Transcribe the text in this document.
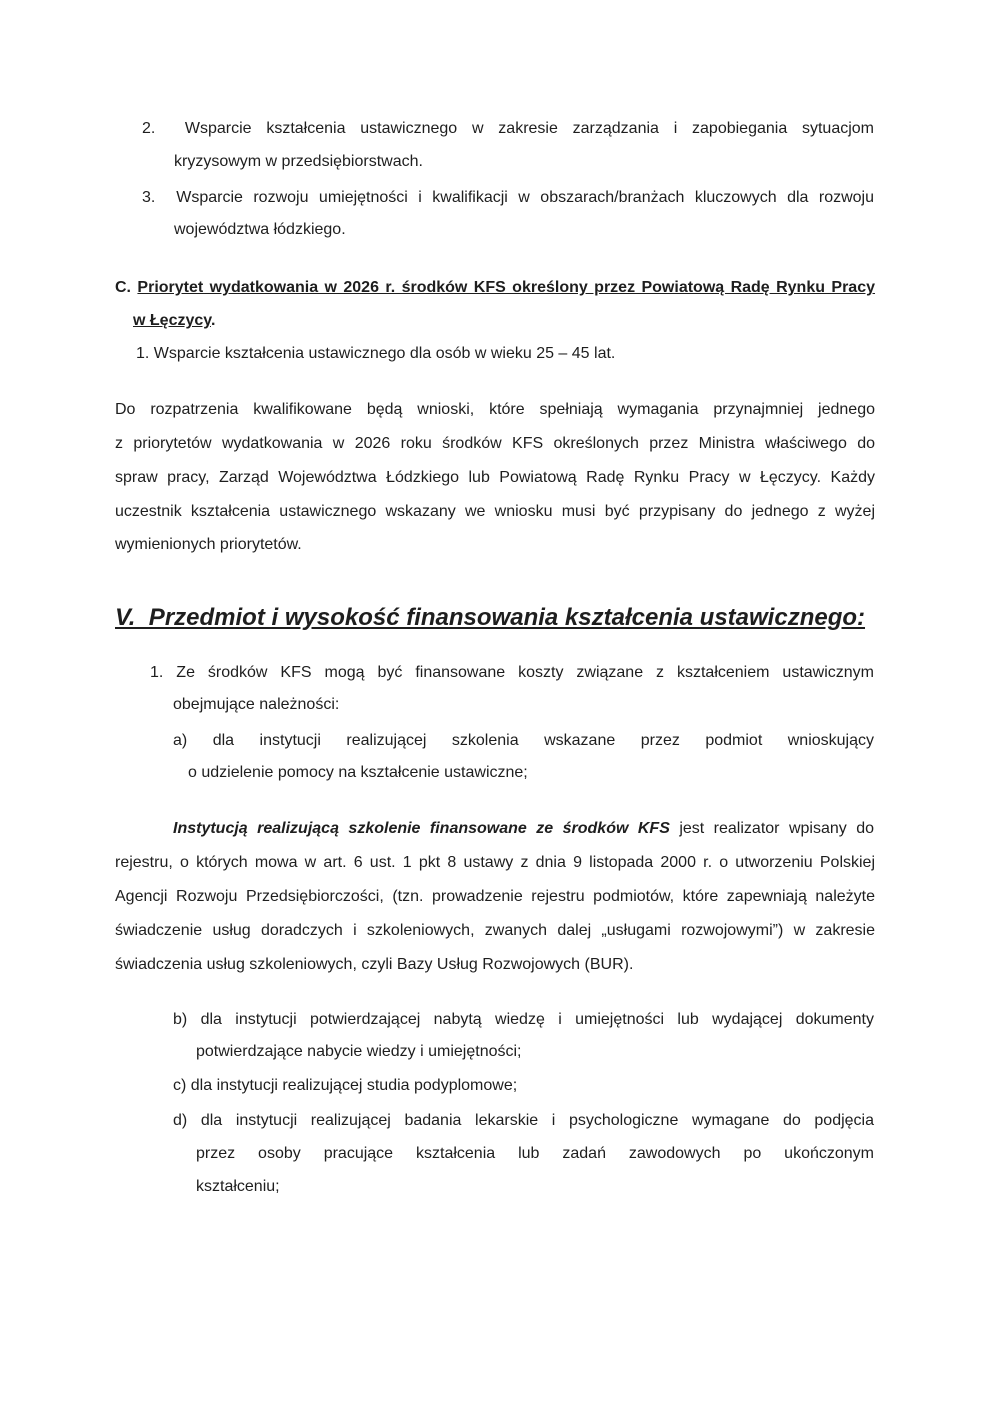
2. Wsparcie kształcenia ustawicznego w zakresie zarządzania i zapobiegania sytuacjom
kryzysowym w przedsiębiorstwach.
3. Wsparcie rozwoju umiejętności i kwalifikacji w obszarach/branżach kluczowych dla rozwoju
województwa łódzkiego.
C. Priorytet wydatkowania w 2026 r. środków KFS określony przez Powiatową Radę Rynku Pracy
w Łęczycy.
1. Wsparcie kształcenia ustawicznego dla osób w wieku 25 – 45 lat.
Do rozpatrzenia kwalifikowane będą wnioski, które spełniają wymagania przynajmniej jednego
z priorytetów wydatkowania w 2026 roku środków KFS określonych przez Ministra właściwego do
spraw pracy, Zarząd Województwa Łódzkiego lub Powiatową Radę Rynku Pracy w Łęczycy. Każdy
uczestnik kształcenia ustawicznego wskazany we wniosku musi być przypisany do jednego z wyżej
wymienionych priorytetów.
V.  Przedmiot i wysokość finansowania kształcenia ustawicznego:
1. Ze środków KFS mogą być finansowane koszty związane z kształceniem ustawicznym
obejmujące należności:
a)  dla  instytucji  realizującej  szkolenia  wskazane  przez  podmiot  wnioskujący
o udzielenie pomocy na kształcenie ustawiczne;
Instytucją realizującą szkolenie finansowane ze środków KFS jest realizator wpisany do
rejestru, o których mowa w art. 6 ust. 1 pkt 8 ustawy z dnia 9 listopada 2000 r. o utworzeniu Polskiej
Agencji Rozwoju Przedsiębiorczości, (tzn. prowadzenie rejestru podmiotów, które zapewniają należyte
świadczenie usług doradczych i szkoleniowych, zwanych dalej „usługami rozwojowymi”) w zakresie
świadczenia usług szkoleniowych, czyli Bazy Usług Rozwojowych (BUR).
b) dla instytucji potwierdzającej nabytą wiedzę i umiejętności lub wydającej dokumenty
potwierdzające nabycie wiedzy i umiejętności;
c) dla instytucji realizującej studia podyplomowe;
d) dla instytucji realizującej badania lekarskie i psychologiczne wymagane do podjęcia
przez  osoby  pracujące  kształcenia  lub  zadań  zawodowych  po  ukończonym
kształceniu;
